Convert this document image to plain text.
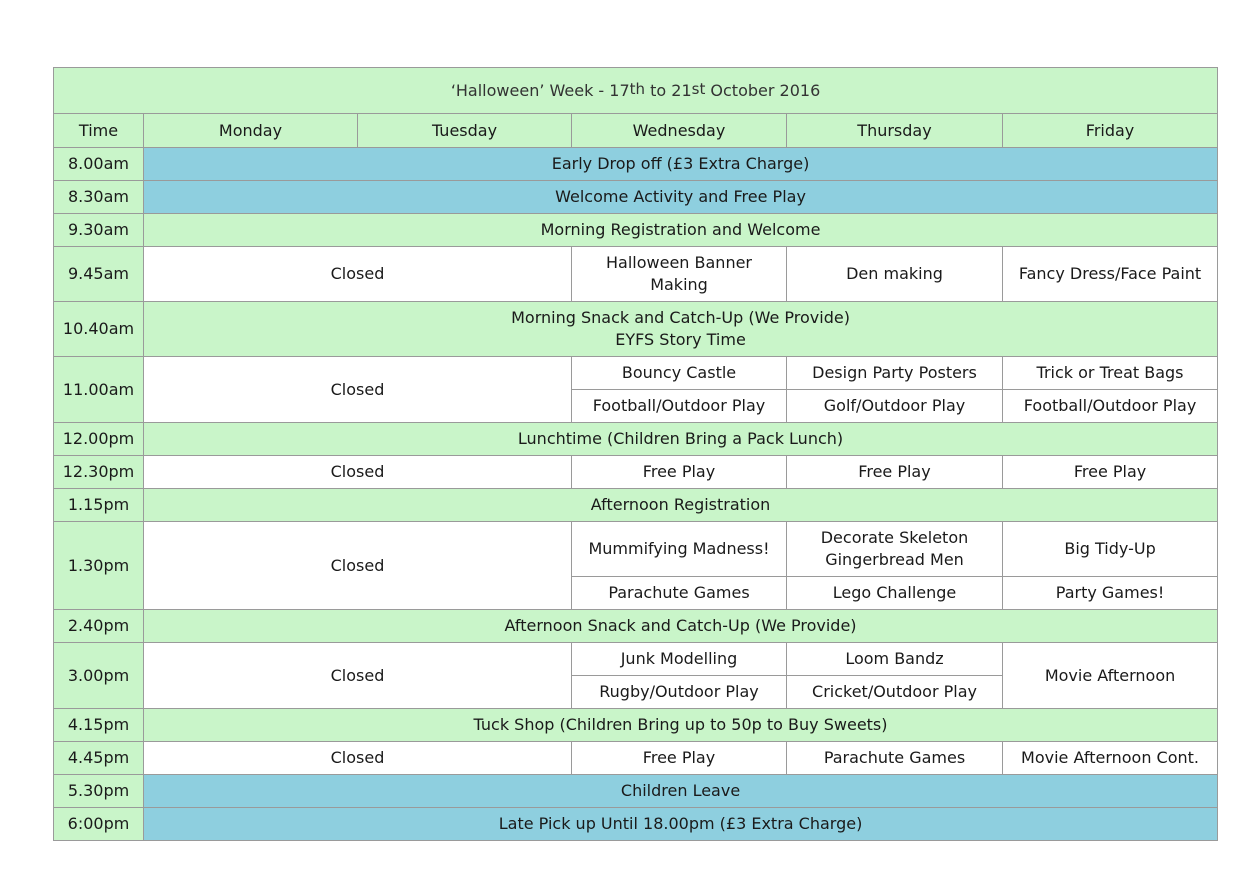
‘Halloween’ Week - 17th to 21st October 2016					
Time	Monday	Tuesday	Wednesday	Thursday	Friday
8.00am	Early Drop off (£3 Extra Charge)				
8.30am	Welcome Activity and Free Play				
9.30am	Morning Registration and Welcome				
9.45am	Closed		Halloween Banner Making	Den making	Fancy Dress/Face Paint
10.40am	Morning Snack and Catch-Up (We Provide)
EYFS Story Time				

11.00am	Closed		Bouncy Castle	Design Party Posters	Trick or Treat Bags
			Football/Outdoor Play	Golf/Outdoor Play	Football/Outdoor Play
12.00pm	Lunchtime (Children Bring a Pack Lunch)				
12.30pm	Closed		Free Play	Free Play	Free Play
1.15pm	Afternoon Registration				
1.30pm	Closed		Mummifying Madness!	Decorate Skeleton Gingerbread Men	Big Tidy-Up
			Parachute Games	Lego Challenge	Party Games!
2.40pm	Afternoon Snack and Catch-Up (We Provide)				
3.00pm	Closed		Junk Modelling	Loom Bandz	Movie Afternoon
			Rugby/Outdoor Play	Cricket/Outdoor Play	
4.15pm	Tuck Shop (Children Bring up to 50p to Buy Sweets)				
4.45pm	Closed		Free Play	Parachute Games	Movie Afternoon Cont.
5.30pm	Children Leave				
6:00pm	Late Pick up Until 18.00pm (£3 Extra Charge)				
